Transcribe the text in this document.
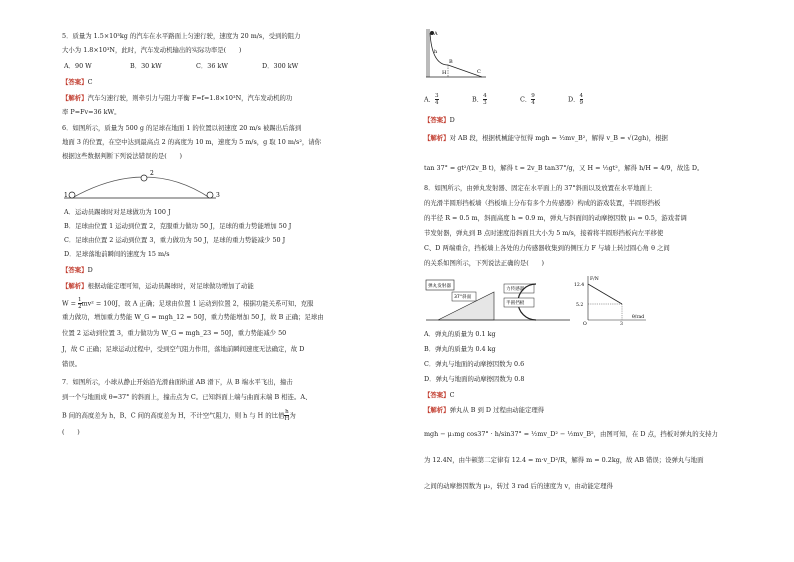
5．质量为 1.5×10³kg 的汽车在水平路面上匀速行驶，速度为 20 m/s，受到的阻力
大小为 1.8×10³N，此时，汽车发动机输出的实际功率是(　　)
A．90 W	B．30 kW	C．36 kW	D．300 kW
【答案】C
【解析】汽车匀速行驶，则牵引力与阻力平衡 F=f=1.8×10³N，汽车发动机的功
率 P=Fv=36 kW。
6．如图所示，质量为 500 g 的足球在地面 1 的位置以初速度 20 m/s 被踢出后落到
地面 3 的位置，在空中达到最高点 2 的高度为 10 m，速度为 5 m/s，g 取 10 m/s²，请你
根据这些数据判断下列说法错误的是(　　)
1
2
3
A．运动员踢球时对足球做功为 100 J
B．足球由位置 1 运动到位置 2，克服重力做功 50 J，足球的重力势能增加 50 J
C．足球由位置 2 运动到位置 3，重力做功为 50 J，足球的重力势能减少 50 J
D．足球落地前瞬间的速度为 15 m/s
【答案】D
【解析】根据动能定理可知，运动员踢球时，对足球做功增加了动能
$W = \frac{1}{2} mv^2 = 100J$，故 A 正确；足球由位置 1 运动到位置 2，根据功能关系可知，克服
重力做功，增加重力势能 W_G = mgh_12 = 50J，重力势能增加 50 J，故 B 正确；足球由
位置 2 运动到位置 3，重力做功为 W_G = mgh_23 = 50J，重力势能减少 50
J，故 C 正确；足球运动过程中，受到空气阻力作用，落地前瞬间速度无法确定，故 D
错误。
7．如图所示，小球从静止开始沿光滑曲面轨道 AB 滑下，从 B 端水平飞出，撞击
到一个与地面成 θ=37° 的斜面上，撞击点为 C。已知斜面上端与曲面末端 B 相连。A、
B 间的高度差为 h，B、C 间的高度差为 H，不计空气阻力，则 h 与 H 的比值 $\frac{h}{H}$ 为
(　　)
A
h
B
H	C
A． $\frac{3}{4}$	B． $\frac{4}{3}$	C． $\frac{9}{4}$	D． $\frac{4}{9}$
【答案】D
【解析】对 AB 段，根据机械能守恒得 mgh = ½mv_B²，解得 v_B = √(2gh)，根据
tan 37° = gt²/(2v_B t)，解得 t = 2v_B tan37°/g，又 H = ½gt²，解得 h/H = 4/9，故选 D。
8．如图所示，由弹丸发射器、固定在水平面上的 37°斜面以及放置在水平地面上
的光滑半圆形挡板墙（挡板墙上分布有多个力传感器）构成的游戏装置，半圆形挡板
的半径 R = 0.5 m，斜面高度 h = 0.9 m，弹丸与斜面间的动摩擦因数 μ₁ = 0.5，游戏者调
节发射器，弹丸到 B 点时速度沿斜面且大小为 5 m/s，接着将半圆形挡板向左平移使
C、D 两端重合，挡板墙上各处的力传感器收集到的侧压力 F 与墙上转过圆心角 θ 之间
的关系如图所示，下列说法正确的是(　　)
弹丸发射器
37°斜面
力传感器
半圆挡板
F/N
θ/rad
12.4
5.2
O	3
A．弹丸的质量为 0.1 kg
B．弹丸的质量为 0.4 kg
C．弹丸与地面的动摩擦因数为 0.6
D．弹丸与地面的动摩擦因数为 0.8
【答案】C
【解析】弹丸从 B 到 D 过程由动能定理得
mgh − μ₁mg cos37° · h/sin37° = ½mv_D² − ½mv_B²，由图可知，在 D 点，挡板对弹丸的支持力
为 12.4N，由牛顿第二定律有 12.4 = m·v_D²/R，解得 m = 0.2kg，故 AB 错误；设弹丸与地面
之间的动摩擦因数为 μ₂，转过 3 rad 后的速度为 v，由动能定理得
